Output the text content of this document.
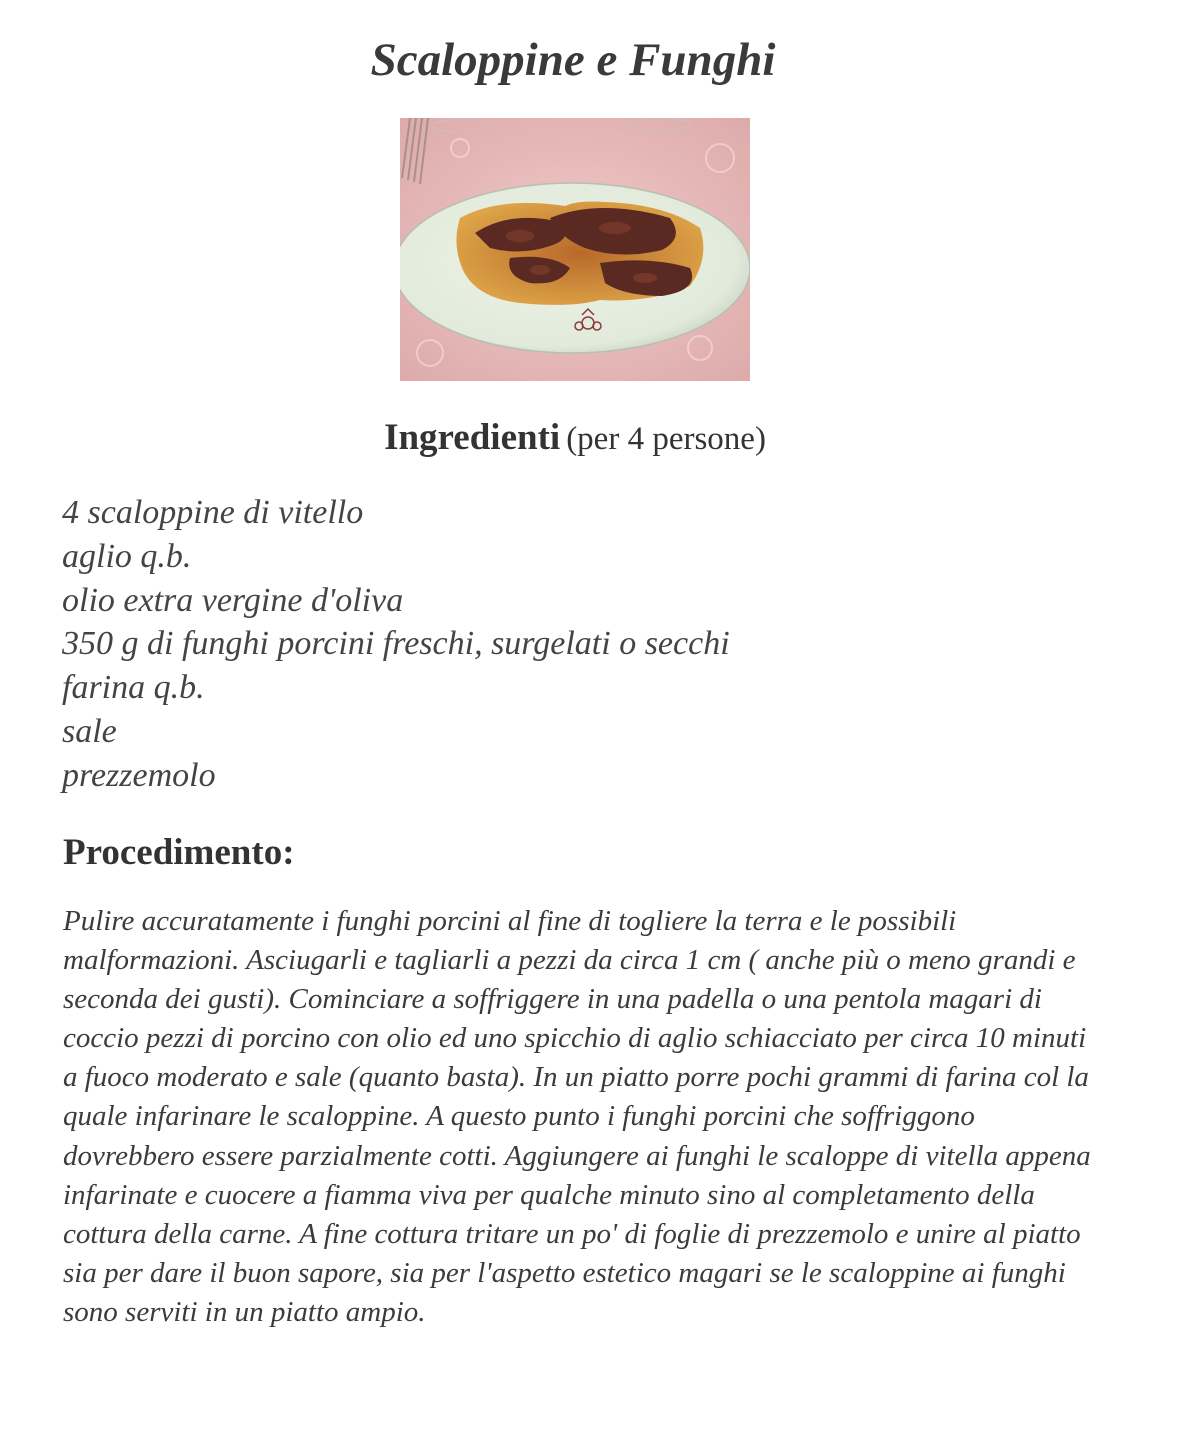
Scaloppine e Funghi
Ingredienti (per 4 persone)
4 scaloppine di vitello
aglio q.b.
olio extra vergine d'oliva
350 g di funghi porcini freschi, surgelati o secchi
farina q.b.
sale
prezzemolo
Procedimento:

Pulire accuratamente i funghi porcini al fine di togliere la terra e le possibili malformazioni. Asciugarli e tagliarli a pezzi da circa 1 cm ( anche più o meno grandi e seconda dei gusti). Cominciare a soffriggere in una padella o una pentola magari di coccio pezzi di porcino con olio ed uno spicchio di aglio schiacciato per circa 10 minuti a fuoco moderato e sale (quanto basta). In un piatto porre pochi grammi di farina col la quale infarinare le scaloppine. A questo punto i funghi porcini che soffriggono dovrebbero essere parzialmente cotti. Aggiungere ai funghi le scaloppe di vitella appena infarinate e cuocere a fiamma viva per qualche minuto sino al completamento della cottura della carne. A fine cottura tritare un po' di foglie di prezzemolo e unire al piatto sia per dare il buon sapore, sia per l'aspetto estetico magari se le scaloppine ai funghi sono serviti in un piatto ampio.
